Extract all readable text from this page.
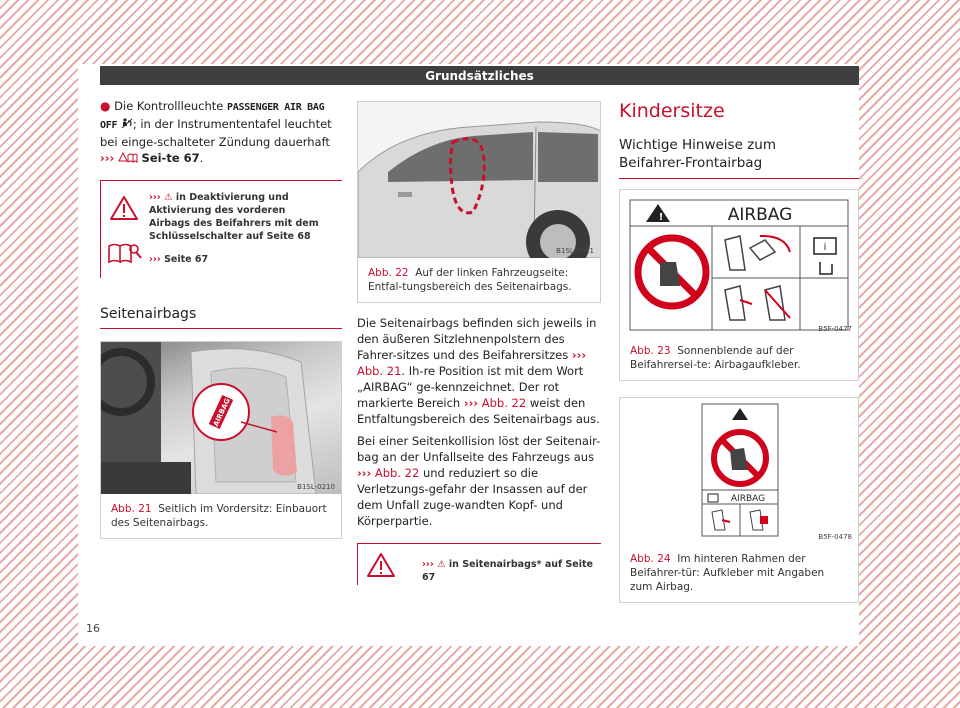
Grundsätzliches
● Die Kontrollleuchte PASSENGER AIR BAG OFF ; in der Instrumententafel leuchtet bei einge-schalteter Zündung dauerhaft ››› Sei-te 67.
››› ⚠ in Deaktivierung und Aktivierung des vorderen Airbags des Beifahrers mit dem Schlüsselschalter auf Seite 68
››› Seite 67
Seitenairbags
AIRBAG
B1SL-0210
Abb. 21 Seitlich im Vordersitz: Einbauort des Seitenairbags.
B1SL-0211
Abb. 22 Auf der linken Fahrzeugseite: Entfal-tungsbereich des Seitenairbags.
Die Seitenairbags befinden sich jeweils in den äußeren Sitzlehnenpolstern des Fahrer-sitzes und des Beifahrersitzes ››› Abb. 21. Ih-re Position ist mit dem Wort „AIRBAG“ ge-kennzeichnet. Der rot markierte Bereich ››› Abb. 22 weist den Entfaltungsbereich des Seitenairbags aus.
Bei einer Seitenkollision löst der Seitenair-bag an der Unfallseite des Fahrzeugs aus ››› Abb. 22 und reduziert so die Verletzungs-gefahr der Insassen auf der dem Unfall zuge-wandten Kopf- und Körperpartie.
››› ⚠ in Seitenairbags* auf Seite 67
Kindersitze
Wichtige Hinweise zum Beifahrer-Frontairbag
!	AIRBAG
i
B5F-0477
Abb. 23 Sonnenblende auf der Beifahrersei-te: Airbagaufkleber.
AIRBAG
B5F-0478
Abb. 24 Im hinteren Rahmen der Beifahrer-tür: Aufkleber mit Angaben zum Airbag.
16
